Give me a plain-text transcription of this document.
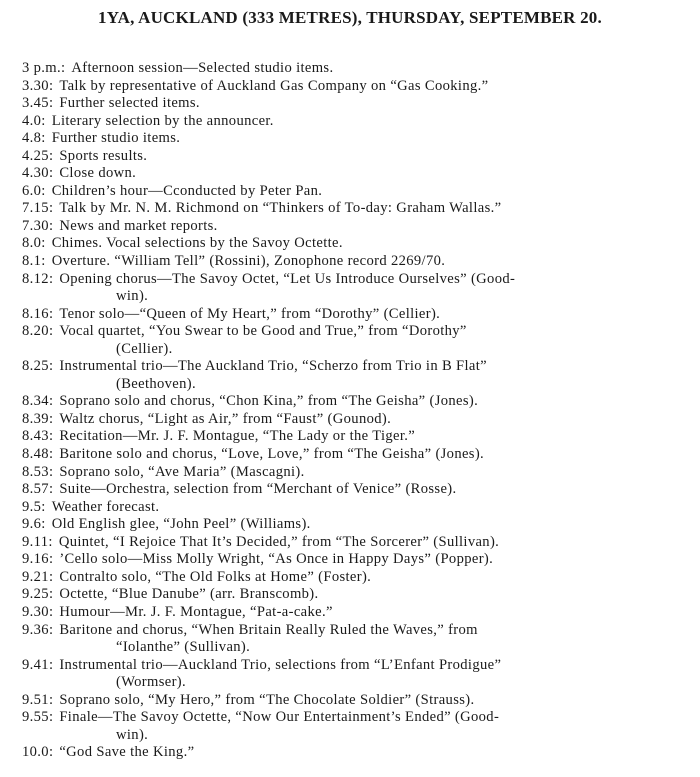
1YA, AUCKLAND (333 METRES), THURSDAY, SEPTEMBER 20.
3 p.m.: Afternoon session—Selected studio items.
3.30: Talk by representative of Auckland Gas Company on “Gas Cooking.”
3.45: Further selected items.
4.0: Literary selection by the announcer.
4.8: Further studio items.
4.25: Sports results.
4.30: Close down.
6.0: Children’s hour—Cconducted by Peter Pan.
7.15: Talk by Mr. N. M. Richmond on “Thinkers of To-day: Graham Wallas.”
7.30: News and market reports.
8.0: Chimes. Vocal selections by the Savoy Octette.
8.1: Overture. “William Tell” (Rossini), Zonophone record 2269/70.
8.12: Opening chorus—The Savoy Octet, “Let Us Introduce Ourselves” (Good-
win).
8.16: Tenor solo—“Queen of My Heart,” from “Dorothy” (Cellier).
8.20: Vocal quartet, “You Swear to be Good and True,” from “Dorothy”
(Cellier).
8.25: Instrumental trio—The Auckland Trio, “Scherzo from Trio in B Flat”
(Beethoven).
8.34: Soprano solo and chorus, “Chon Kina,” from “The Geisha” (Jones).
8.39: Waltz chorus, “Light as Air,” from “Faust” (Gounod).
8.43: Recitation—Mr. J. F. Montague, “The Lady or the Tiger.”
8.48: Baritone solo and chorus, “Love, Love,” from “The Geisha” (Jones).
8.53: Soprano solo, “Ave Maria” (Mascagni).
8.57: Suite—Orchestra, selection from “Merchant of Venice” (Rosse).
9.5: Weather forecast.
9.6: Old English glee, “John Peel” (Williams).
9.11: Quintet, “I Rejoice That It’s Decided,” from “The Sorcerer” (Sullivan).
9.16: ’Cello solo—Miss Molly Wright, “As Once in Happy Days” (Popper).
9.21: Contralto solo, “The Old Folks at Home” (Foster).
9.25: Octette, “Blue Danube” (arr. Branscomb).
9.30: Humour—Mr. J. F. Montague, “Pat-a-cake.”
9.36: Baritone and chorus, “When Britain Really Ruled the Waves,” from
“Iolanthe” (Sullivan).
9.41: Instrumental trio—Auckland Trio, selections from “L’Enfant Prodigue”
(Wormser).
9.51: Soprano solo, “My Hero,” from “The Chocolate Soldier” (Strauss).
9.55: Finale—The Savoy Octette, “Now Our Entertainment’s Ended” (Good-
win).
10.0: “God Save the King.”
